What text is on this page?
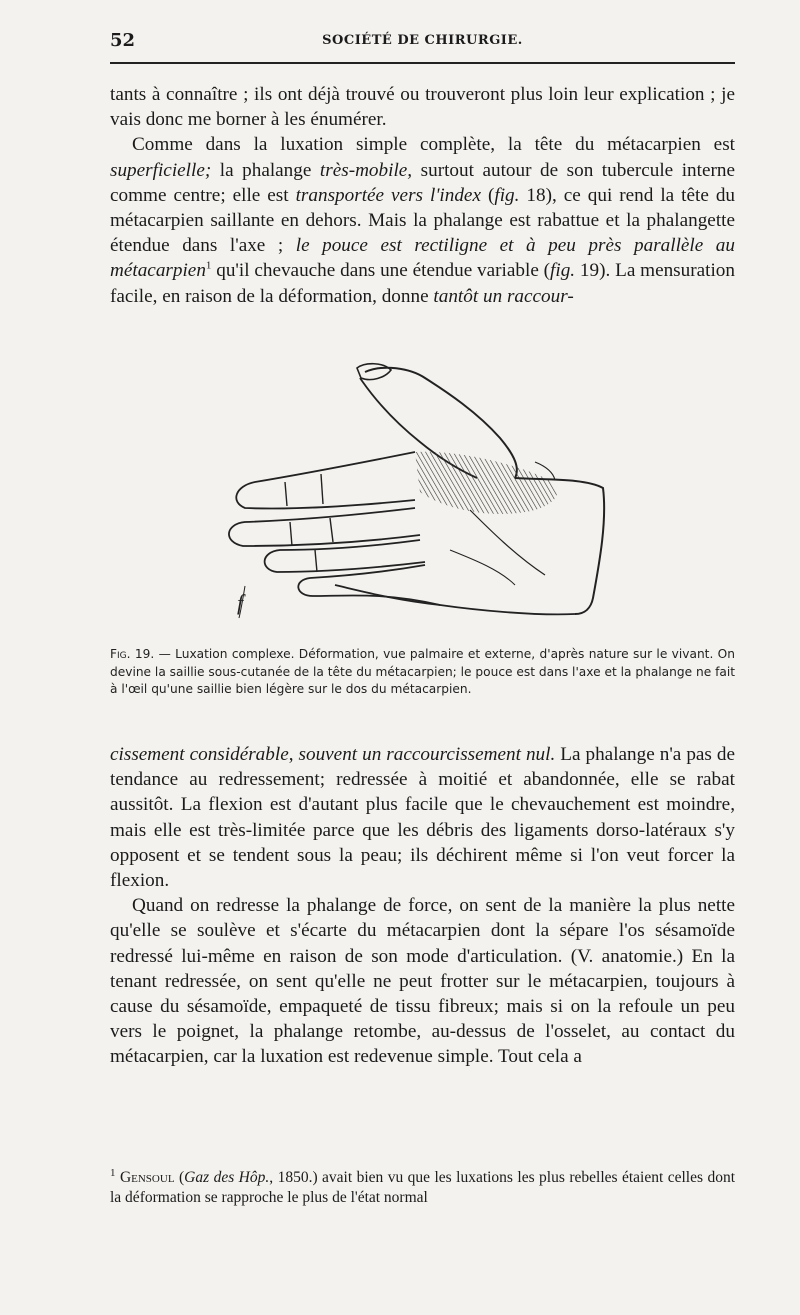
52	SOCIÉTÉ DE CHIRURGIE.

tants à connaître ; ils ont déjà trouvé ou trouveront plus loin leur explication ; je vais donc me borner à les énumérer.

Comme dans la luxation simple complète, la tête du métacarpien est superficielle; la phalange très-mobile, surtout autour de son tubercule interne comme centre; elle est transportée vers l'index (fig. 18), ce qui rend la tête du métacarpien saillante en dehors. Mais la phalange est rabattue et la phalangette étendue dans l'axe ; le pouce est rectiligne et à peu près parallèle au métacarpien$^1$ qu'il chevauche dans une étendue variable (fig. 19). La mensuration facile, en raison de la déformation, donne tantôt un raccour-

f
Fig. 19. — Luxation complexe. Déformation, vue palmaire et externe, d'après nature sur le vivant. On devine la saillie sous-cutanée de la tête du métacarpien; le pouce est dans l'axe et la phalange ne fait à l'œil qu'une saillie bien légère sur le dos du métacarpien.

cissement considérable, souvent un raccourcissement nul. La phalange n'a pas de tendance au redressement; redressée à moitié et abandonnée, elle se rabat aussitôt. La flexion est d'autant plus facile que le chevauchement est moindre, mais elle est très-limitée parce que les débris des ligaments dorso-latéraux s'y opposent et se tendent sous la peau; ils déchirent même si l'on veut forcer la flexion.

Quand on redresse la phalange de force, on sent de la manière la plus nette qu'elle se soulève et s'écarte du métacarpien dont la sépare l'os sésamoïde redressé lui-même en raison de son mode d'articulation. (V. anatomie.) En la tenant redressée, on sent qu'elle ne peut frotter sur le métacarpien, toujours à cause du sésamoïde, empaqueté de tissu fibreux; mais si on la refoule un peu vers le poignet, la phalange retombe, au-dessus de l'osselet, au contact du métacarpien, car la luxation est redevenue simple. Tout cela a

$^1$ Gensoul (Gaz des Hôp., 1850.) avait bien vu que les luxations les plus rebelles étaient celles dont la déformation se rapproche le plus de l'état normal
